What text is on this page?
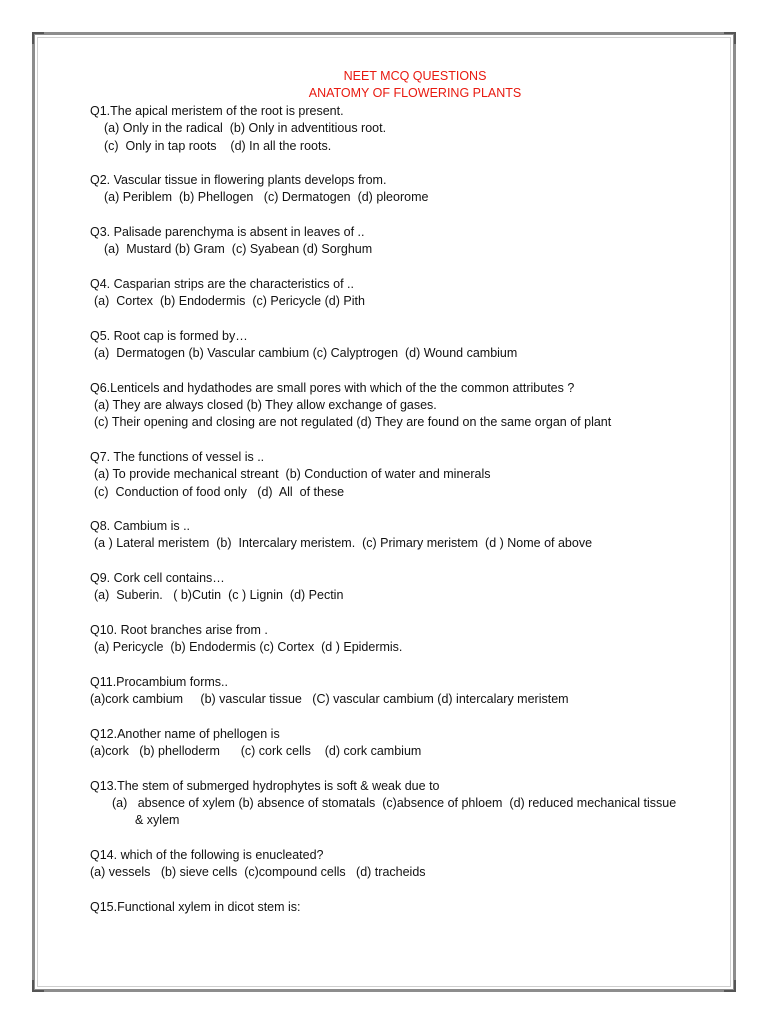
NEET MCQ QUESTIONS
ANATOMY OF FLOWERING PLANTS
Q1.The apical meristem of the root is present.
(a) Only in the radical  (b) Only in adventitious root.
(c)  Only in tap roots    (d) In all the roots.
Q2. Vascular tissue in flowering plants develops from.
(a) Periblem  (b) Phellogen   (c) Dermatogen  (d) pleorome
Q3. Palisade parenchyma is absent in leaves of ..
(a)  Mustard (b) Gram  (c) Syabean (d) Sorghum
Q4. Casparian strips are the characteristics of ..
(a)  Cortex  (b) Endodermis  (c) Pericycle (d) Pith
Q5. Root cap is formed by…
(a)  Dermatogen (b) Vascular cambium (c) Calyptrogen  (d) Wound cambium
Q6.Lenticels and hydathodes are small pores with which of the the common attributes ?
(a) They are always closed (b) They allow exchange of gases.
(c) Their opening and closing are not regulated (d) They are found on the same organ of plant
Q7. The functions of vessel is ..
(a) To provide mechanical streant  (b) Conduction of water and minerals
(c)  Conduction of food only   (d)  All  of these
Q8. Cambium is ..
(a ) Lateral meristem  (b)  Intercalary meristem.  (c) Primary meristem  (d ) Nome of above
Q9. Cork cell contains…
(a)  Suberin.   ( b)Cutin  (c ) Lignin  (d) Pectin
Q10. Root branches arise from .
(a) Pericycle  (b) Endodermis (c) Cortex  (d ) Epidermis.
Q11.Procambium forms..
(a)cork cambium     (b) vascular tissue   (C) vascular cambium (d) intercalary meristem
Q12.Another name of phellogen is
(a)cork   (b) phelloderm      (c) cork cells    (d) cork cambium
Q13.The stem of submerged hydrophytes is soft & weak due to
(a)   absence of xylem (b) absence of stomatals  (c)absence of phloem  (d) reduced mechanical tissue
& xylem
Q14. which of the following is enucleated?
(a) vessels   (b) sieve cells  (c)compound cells   (d) tracheids
Q15.Functional xylem in dicot stem is:
